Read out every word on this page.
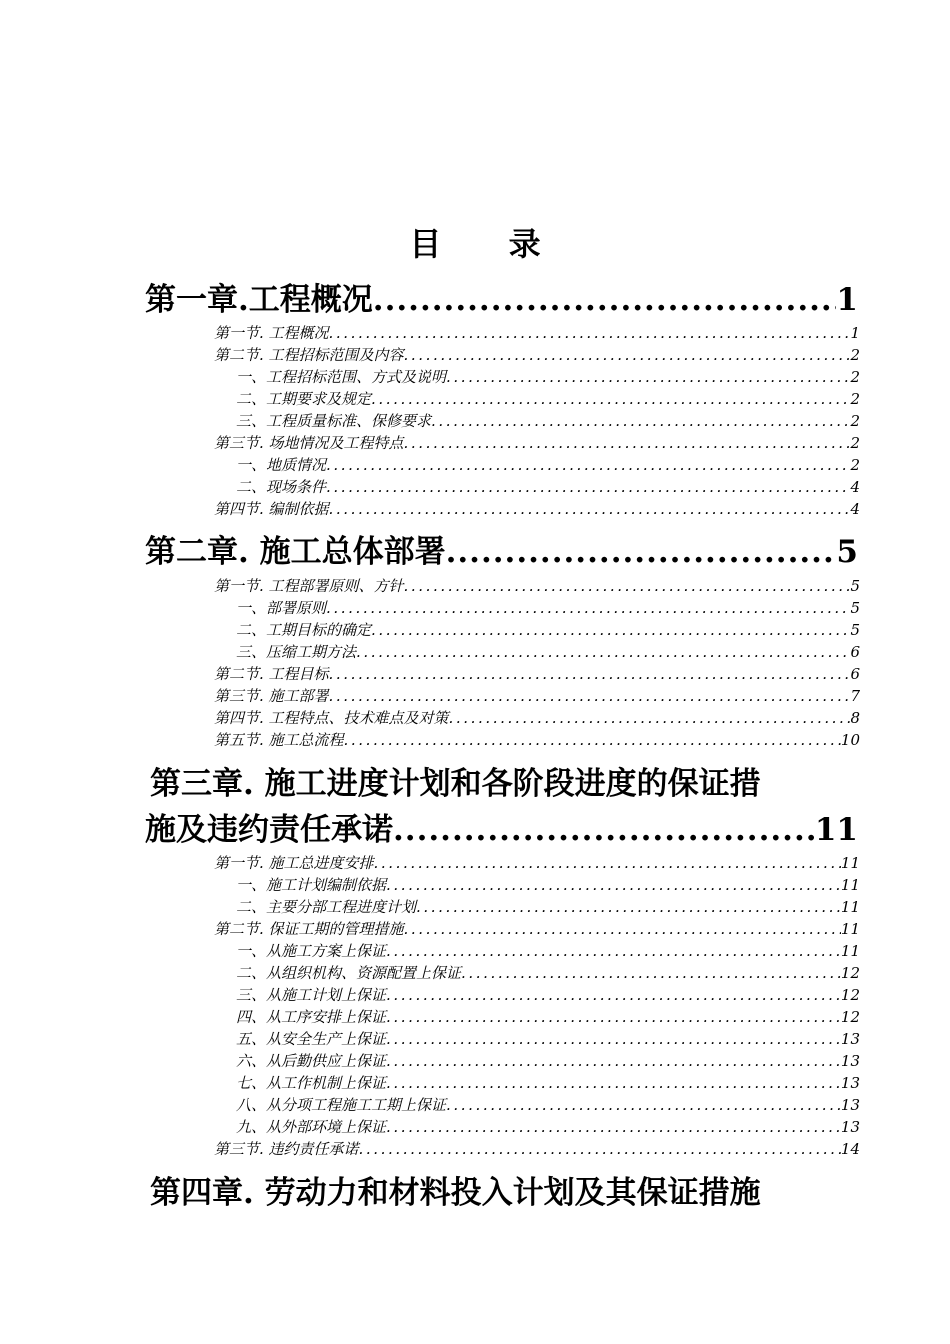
目 录
第一章.工程概况 .....	1
第一节. 工程概况 .....	1
第二节. 工程招标范围及内容 .....	2
一、工程招标范围、方式及说明 .....	2
二、工期要求及规定 .....	2
三、工程质量标准、保修要求 .....	2
第三节. 场地情况及工程特点 .....	2
一、地质情况 .....	2
二、现场条件 .....	4
第四节. 编制依据 .....	4
第二章. 施工总体部署 .....	5
第一节. 工程部署原则、方针 .....	5
一、部署原则 .....	5
二、工期目标的确定 .....	5
三、压缩工期方法 .....	6
第二节. 工程目标 .....	6
第三节. 施工部署 .....	7
第四节. 工程特点、技术难点及对策 .....	8
第五节. 施工总流程 .....	10
第三章. 施工进度计划和各阶段进度的保证措
施及违约责任承诺 .....	11
第一节. 施工总进度安排 .....	11
一、施工计划编制依据 .....	11
二、主要分部工程进度计划 .....	11
第二节. 保证工期的管理措施 .....	11
一、从施工方案上保证 .....	11
二、从组织机构、资源配置上保证 .....	12
三、从施工计划上保证 .....	12
四、从工序安排上保证 .....	12
五、从安全生产上保证 .....	13
六、从后勤供应上保证 .....	13
七、从工作机制上保证 .....	13
八、从分项工程施工工期上保证 .....	13
九、从外部环境上保证 .....	13
第三节. 违约责任承诺 .....	14
第四章. 劳动力和材料投入计划及其保证措施
